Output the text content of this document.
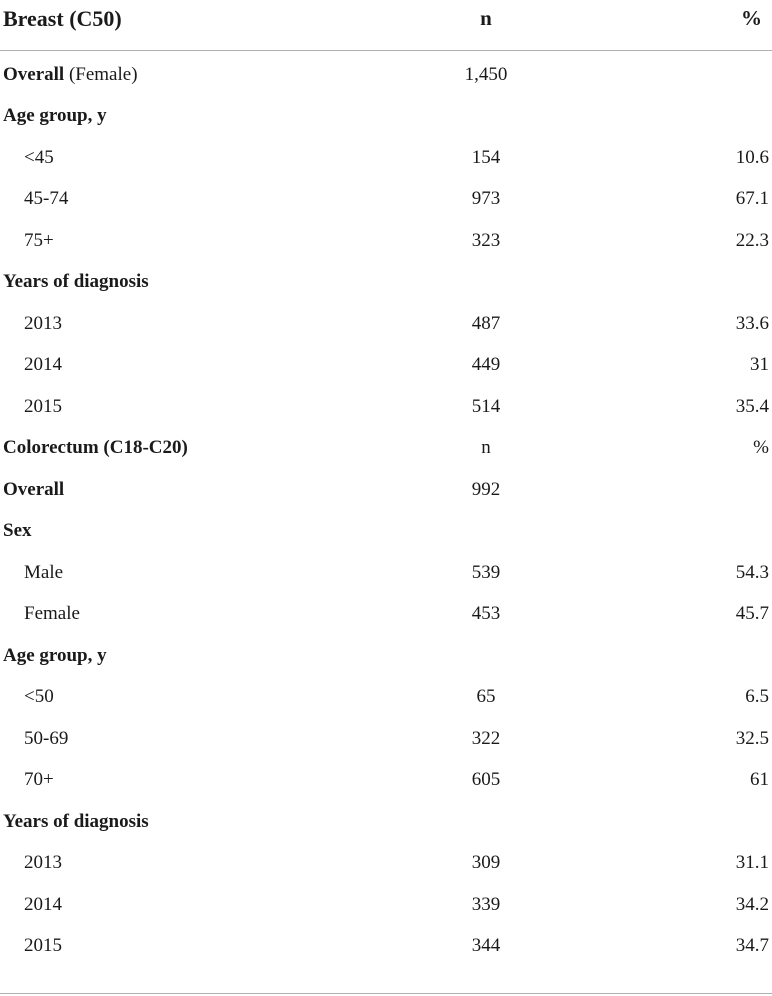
Breast (C50)	n	%
Overall (Female)	1,450
Age group, y
<45	154	10.6
45-74	973	67.1
75+	323	22.3
Years of diagnosis
2013	487	33.6
2014	449	31
2015	514	35.4
Colorectum (C18-C20)	n	%
Overall	992
Sex
Male	539	54.3
Female	453	45.7
Age group, y
<50	65	6.5
50-69	322	32.5
70+	605	61
Years of diagnosis
2013	309	31.1
2014	339	34.2
2015	344	34.7
